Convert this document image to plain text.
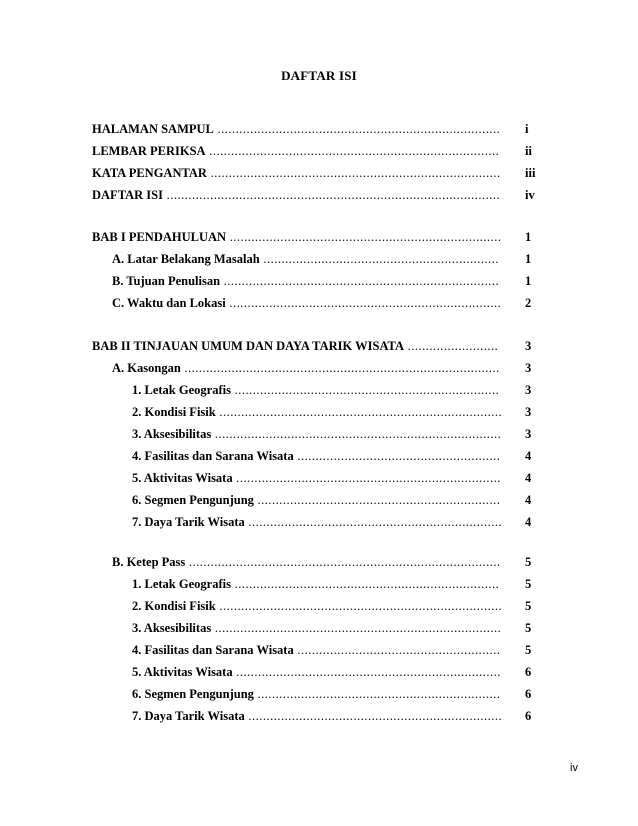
DAFTAR ISI
HALAMAN SAMPUL .............................................................................. i
LEMBAR PERIKSA ................................................................................	ii
KATA PENGANTAR ................................................................................ iii
DAFTAR ISI ............................................................................................ iv
BAB I PENDAHULUAN ........................................................................... 1
A. Latar Belakang Masalah .................................................................	1
B. Tujuan Penulisan ............................................................................	1
C. Waktu dan Lokasi ........................................................................... 2
BAB II TINJAUAN UMUM DAN DAYA TARIK WISATA .........................	3
A. Kasongan ....................................................................................... 3
1. Letak Geografis .........................................................................	3
2. Kondisi Fisik .............................................................................. 3
3. Aksesibilitas ............................................................................... 3
4. Fasilitas dan Sarana Wisata ........................................................ 4
5. Aktivitas Wisata ......................................................................... 4
6. Segmen Pengunjung ................................................................... 4
7. Daya Tarik Wisata ...................................................................... 4
B. Ketep Pass ...................................................................................... 5
1. Letak Geografis .........................................................................	5
2. Kondisi Fisik .............................................................................. 5
3. Aksesibilitas ............................................................................... 5
4. Fasilitas dan Sarana Wisata ........................................................ 5
5. Aktivitas Wisata ......................................................................... 6
6. Segmen Pengunjung ................................................................... 6
7. Daya Tarik Wisata ...................................................................... 6
iv
